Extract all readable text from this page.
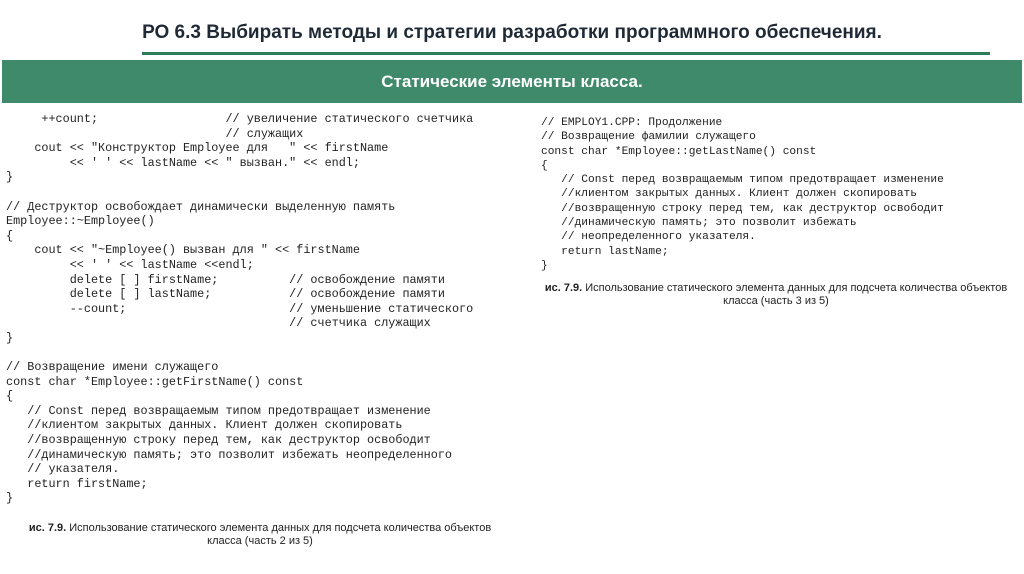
РО 6.3 Выбирать методы и стратегии разработки программного обеспечения.
Статические элементы класса.
++count;                  // увеличение статического счетчика
// служащих
cout << "Конструктор Employee для   " << firstName
<< ' ' << lastName << " вызван." << endl;
}

// Деструктор освобождает динамически выделенную память
Employee::~Employee()
{
cout << "~Employee() вызван для " << firstName
<< ' ' << lastName <<endl;
delete [ ] firstName;          // освобождение памяти
delete [ ] lastName;           // освобождение памяти
--count;                       // уменьшение статического
// счетчика служащих
}

// Возвращение имени служащего
const char *Employee::getFirstName() const
{
// Const перед возвращаемым типом предотвращает изменение
//клиентом закрытых данных. Клиент должен скопировать
//возвращенную строку перед тем, как деструктор освободит
//динамическую память; это позволит избежать неопределенного
// указателя.
return firstName;
}
// EMPLOY1.CPP: Продолжение
// Возвращение фамилии служащего
const char *Employee::getLastName() const
{
// Const перед возвращаемым типом предотвращает изменение
//клиентом закрытых данных. Клиент должен скопировать
//возвращенную строку перед тем, как деструктор освободит
//динамическую память; это позволит избежать
// неопределенного указателя.
return lastName;
}
ис. 7.9. Использование статического элемента данных для подсчета количества объектов
класса (часть 2 из 5)
ис. 7.9. Использование статического элемента данных для подсчета количества объектов
класса (часть 3 из 5)
